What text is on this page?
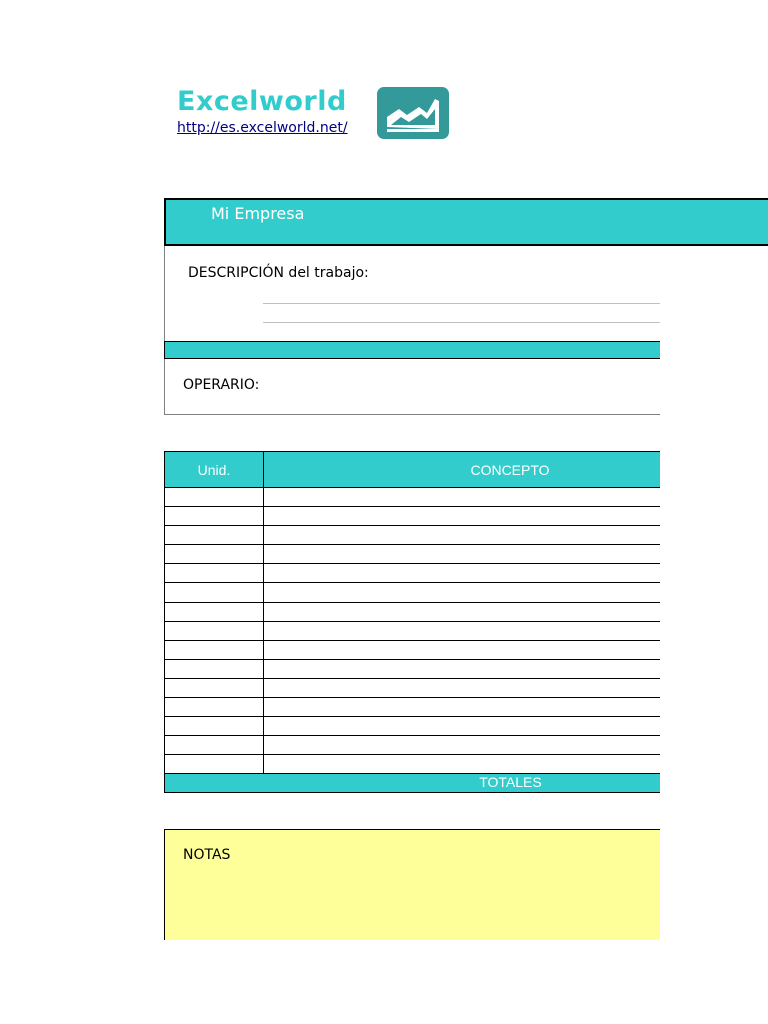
Excelworld
http://es.excelworld.net/
Mi Empresa
DESCRIPCIÓN del trabajo:
OPERARIO:
Unid.	CONCEPTO
TOTALES
NOTAS
